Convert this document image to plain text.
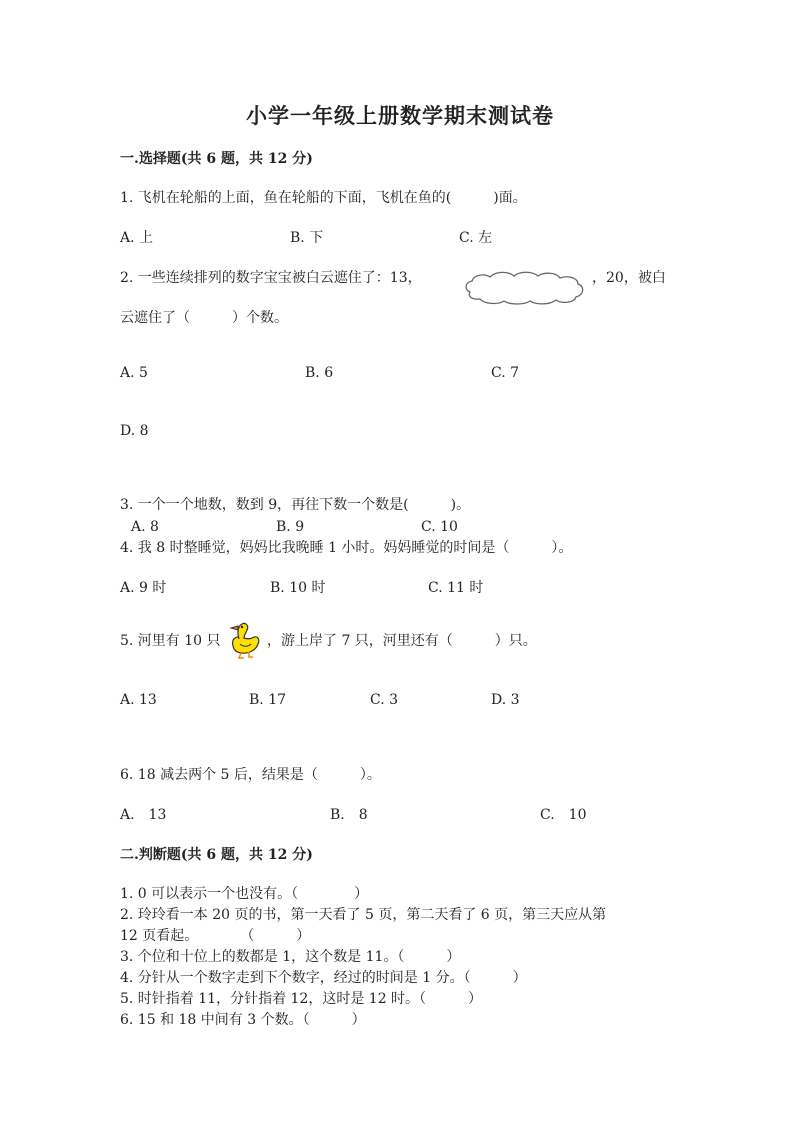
小学一年级上册数学期末测试卷
一.选择题(共 6 题，共 12 分)
1. 飞机在轮船的上面，鱼在轮船的下面，飞机在鱼的(　　　)面。
A. 上	B. 下	C. 左
2. 一些连续排列的数字宝宝被白云遮住了：13，	，20，被白
云遮住了（　　　）个数。
A. 5	B. 6	C. 7
D. 8
3. 一个一个地数，数到 9，再往下数一个数是(　　　)。
A. 8	B. 9	C. 10
4. 我 8 时整睡觉，妈妈比我晚睡 1 小时。妈妈睡觉的时间是（　　　）。
A. 9 时	B. 10 时	C. 11 时
5. 河里有 10 只	，游上岸了 7 只，河里还有（　　　）只。
A. 13	B. 17	C. 3	D. 3
6. 18 减去两个 5 后，结果是（　　　）。
A.　13	B.　8	C.　10
二.判断题(共 6 题，共 12 分)
1. 0 可以表示一个也没有。（　　　　）
2. 玲玲看一本 20 页的书，第一天看了 5 页，第二天看了 6 页，第三天应从第
12 页看起。　　　　（　　　）
3. 个位和十位上的数都是 1，这个数是 11。（　　　）
4. 分针从一个数字走到下个数字，经过的时间是 1 分。（　　　）
5. 时针指着 11，分针指着 12，这时是 12 时。（　　　）
6. 15 和 18 中间有 3 个数。（　　　）
